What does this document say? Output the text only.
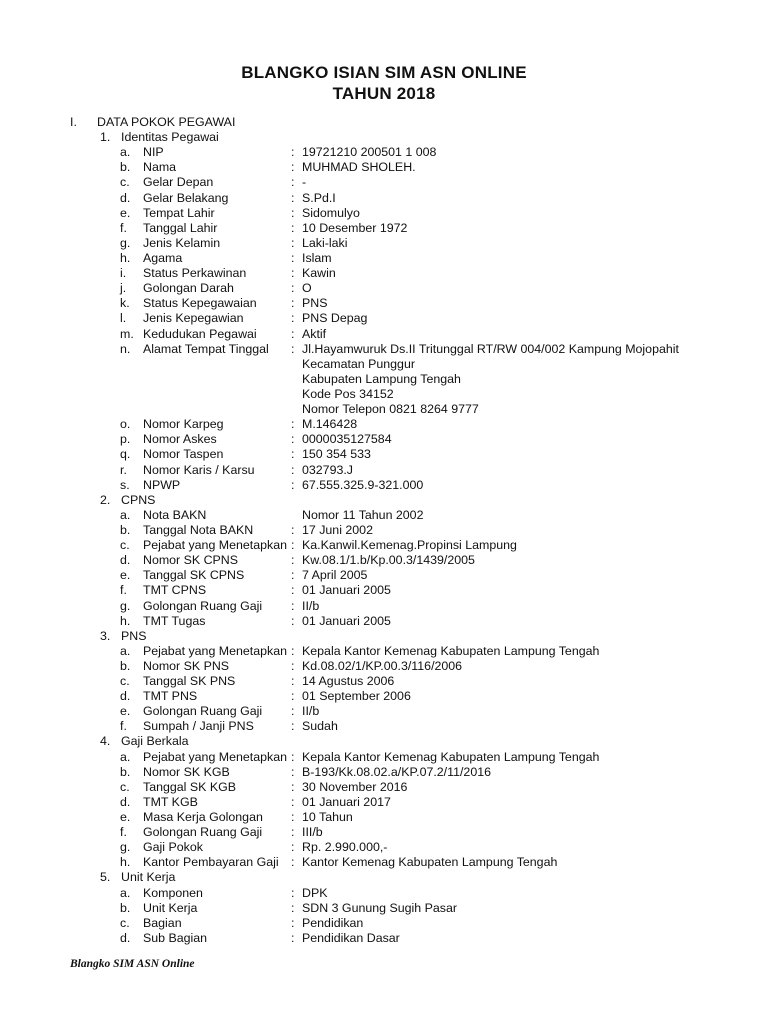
BLANGKO ISIAN SIM ASN ONLINE
TAHUN 2018
I. DATA POKOK PEGAWAI
1. Identitas Pegawai
a. NIP	: 19721210 200501 1 008
b. Nama	: MUHMAD SHOLEH.
c. Gelar Depan	: -
d. Gelar Belakang	: S.Pd.I
e. Tempat Lahir	: Sidomulyo
f. Tanggal Lahir	: 10 Desember 1972
g. Jenis Kelamin	: Laki-laki
h. Agama	: Islam
i. Status Perkawinan	: Kawin
j. Golongan Darah	: O
k. Status Kepegawaian	: PNS
l. Jenis Kepegawian	: PNS Depag
m. Kedudukan Pegawai	: Aktif
n. Alamat Tempat Tinggal : Jl.Hayamwuruk Ds.II Tritunggal RT/RW 004/002 Kampung Mojopahit
Kecamatan Punggur
Kabupaten Lampung Tengah
Kode Pos 34152
Nomor Telepon 0821 8264 9777
o. Nomor Karpeg	: M.146428
p. Nomor Askes	: 0000035127584
q. Nomor Taspen	: 150 354 533
r. Nomor Karis / Karsu	: 032793.J
s. NPWP	: 67.555.325.9-321.000
2. CPNS
a. Nota BAKN	Nomor 11 Tahun 2002
b. Tanggal Nota BAKN	: 17 Juni 2002
c. Pejabat yang Menetapkan : Ka.Kanwil.Kemenag.Propinsi Lampung
d. Nomor SK CPNS	: Kw.08.1/1.b/Kp.00.3/1439/2005
e. Tanggal SK CPNS	: 7 April 2005
f. TMT CPNS	: 01 Januari 2005
g. Golongan Ruang Gaji : II/b
h. TMT Tugas	: 01 Januari 2005
3. PNS
a. Pejabat yang Menetapkan : Kepala Kantor Kemenag Kabupaten Lampung Tengah
b. Nomor SK PNS	: Kd.08.02/1/KP.00.3/116/2006
c. Tanggal SK PNS	: 14 Agustus 2006
d. TMT PNS	: 01 September 2006
e. Golongan Ruang Gaji : II/b
f. Sumpah / Janji PNS	: Sudah
4. Gaji Berkala
a. Pejabat yang Menetapkan : Kepala Kantor Kemenag Kabupaten Lampung Tengah
b. Nomor SK KGB	: B-193/Kk.08.02.a/KP.07.2/11/2016
c. Tanggal SK KGB	: 30 November 2016
d. TMT KGB	: 01 Januari 2017
e. Masa Kerja Golongan : 10 Tahun
f. Golongan Ruang Gaji : III/b
g. Gaji Pokok	: Rp. 2.990.000,-
h. Kantor Pembayaran Gaji : Kantor Kemenag Kabupaten Lampung Tengah
5. Unit Kerja
a. Komponen	: DPK
b. Unit Kerja	: SDN 3 Gunung Sugih Pasar
c. Bagian	: Pendidikan
d. Sub Bagian	: Pendidikan Dasar
Blangko SIM ASN Online
